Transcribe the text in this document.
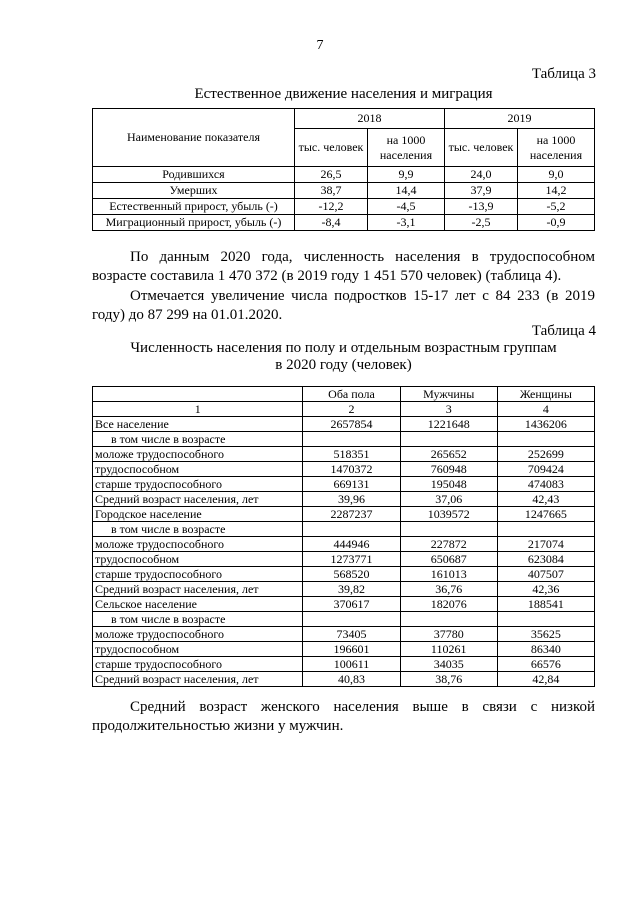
7
Таблица 3
Естественное движение населения и миграция
Наименование показателя	2018		2019	
	тыс. человек	на 1000 населения	тыс. человек	на 1000 населения
Родившихся	26,5	9,9	24,0	9,0
Умерших	38,7	14,4	37,9	14,2
Естественный прирост, убыль (-)	-12,2	-4,5	-13,9	-5,2
Миграционный прирост, убыль (-)	-8,4	-3,1	-2,5	-0,9
По данным 2020 года, численность населения в трудоспособном возрасте составила 1 470 372 (в 2019 году 1 451 570 человек) (таблица 4).
Отмечается увеличение числа подростков 15-17 лет с 84 233 (в 2019 году) до 87 299 на 01.01.2020.
Таблица 4
Численность населения по полу и отдельным возрастным группам
в 2020 году (человек)
	Оба пола	Мужчины	Женщины
1	2	3	4
Все население	2657854	1221648	1436206
в том числе в возрасте			
моложе трудоспособного	518351	265652	252699
трудоспособном	1470372	760948	709424
старше трудоспособного	669131	195048	474083
Средний возраст населения, лет	39,96	37,06	42,43
Городское население	2287237	1039572	1247665
в том числе в возрасте			
моложе трудоспособного	444946	227872	217074
трудоспособном	1273771	650687	623084
старше трудоспособного	568520	161013	407507
Средний возраст населения, лет	39,82	36,76	42,36
Сельское население	370617	182076	188541
в том числе в возрасте			
моложе трудоспособного	73405	37780	35625
трудоспособном	196601	110261	86340
старше трудоспособного	100611	34035	66576
Средний возраст населения, лет	40,83	38,76	42,84
Средний возраст женского населения выше в связи с низкой продолжительностью жизни у мужчин.
